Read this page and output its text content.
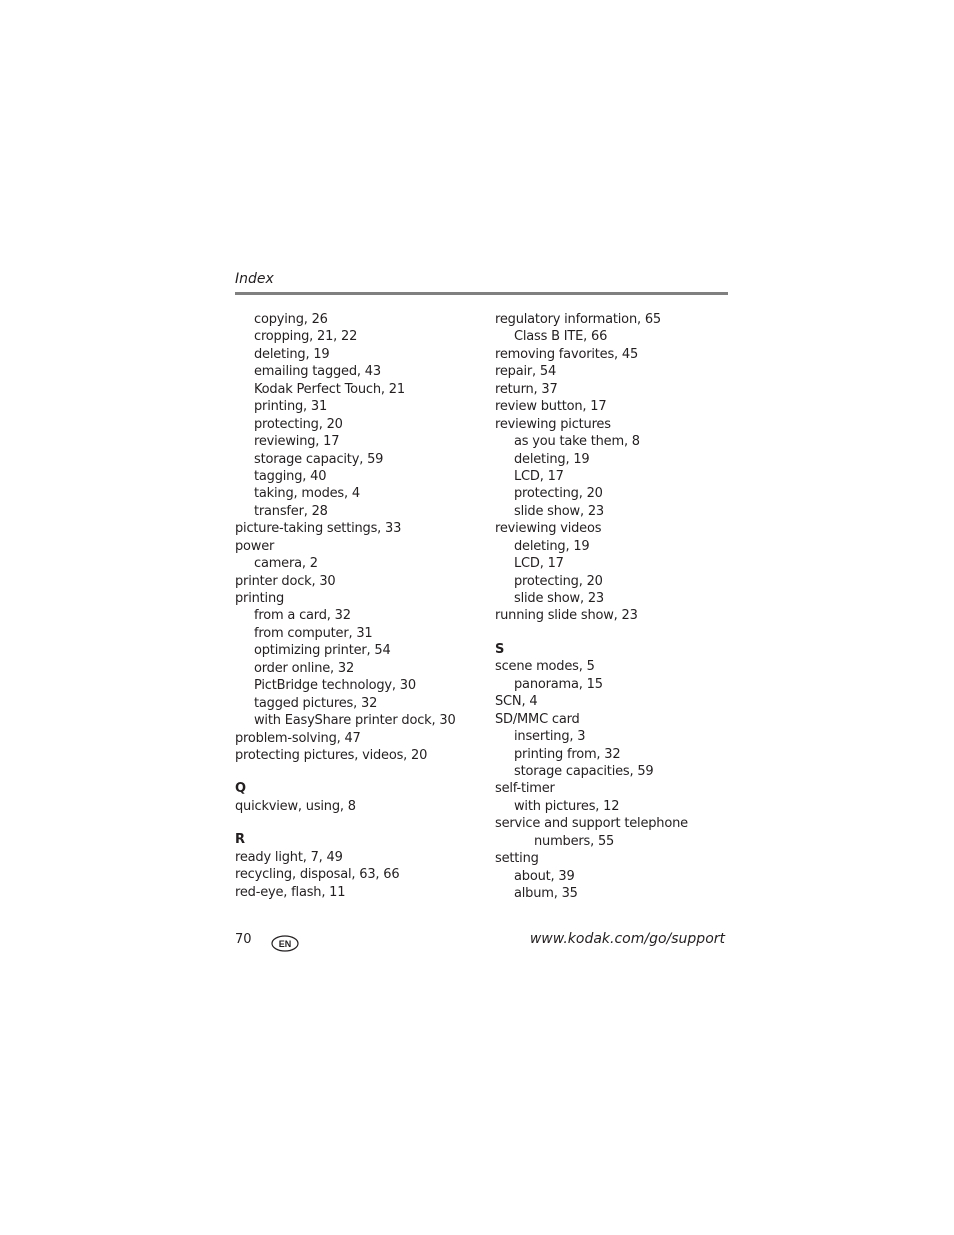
Index
copying, 26
cropping, 21, 22
deleting, 19
emailing tagged, 43
Kodak Perfect Touch, 21
printing, 31
protecting, 20
reviewing, 17
storage capacity, 59
tagging, 40
taking, modes, 4
transfer, 28
picture-taking settings, 33
power
camera, 2
printer dock, 30
printing
from a card, 32
from computer, 31
optimizing printer, 54
order online, 32
PictBridge technology, 30
tagged pictures, 32
with EasyShare printer dock, 30
problem-solving, 47
protecting pictures, videos, 20
Q
quickview, using, 8
R
ready light, 7, 49
recycling, disposal, 63, 66
red-eye, flash, 11
regulatory information, 65
Class B ITE, 66
removing favorites, 45
repair, 54
return, 37
review button, 17
reviewing pictures
as you take them, 8
deleting, 19
LCD, 17
protecting, 20
slide show, 23
reviewing videos
deleting, 19
LCD, 17
protecting, 20
slide show, 23
running slide show, 23
S
scene modes, 5
panorama, 15
SCN, 4
SD/MMC card
inserting, 3
printing from, 32
storage capacities, 59
self-timer
with pictures, 12
service and support telephone
numbers, 55
setting
about, 39
album, 35
70	EN	www.kodak.com/go/support
